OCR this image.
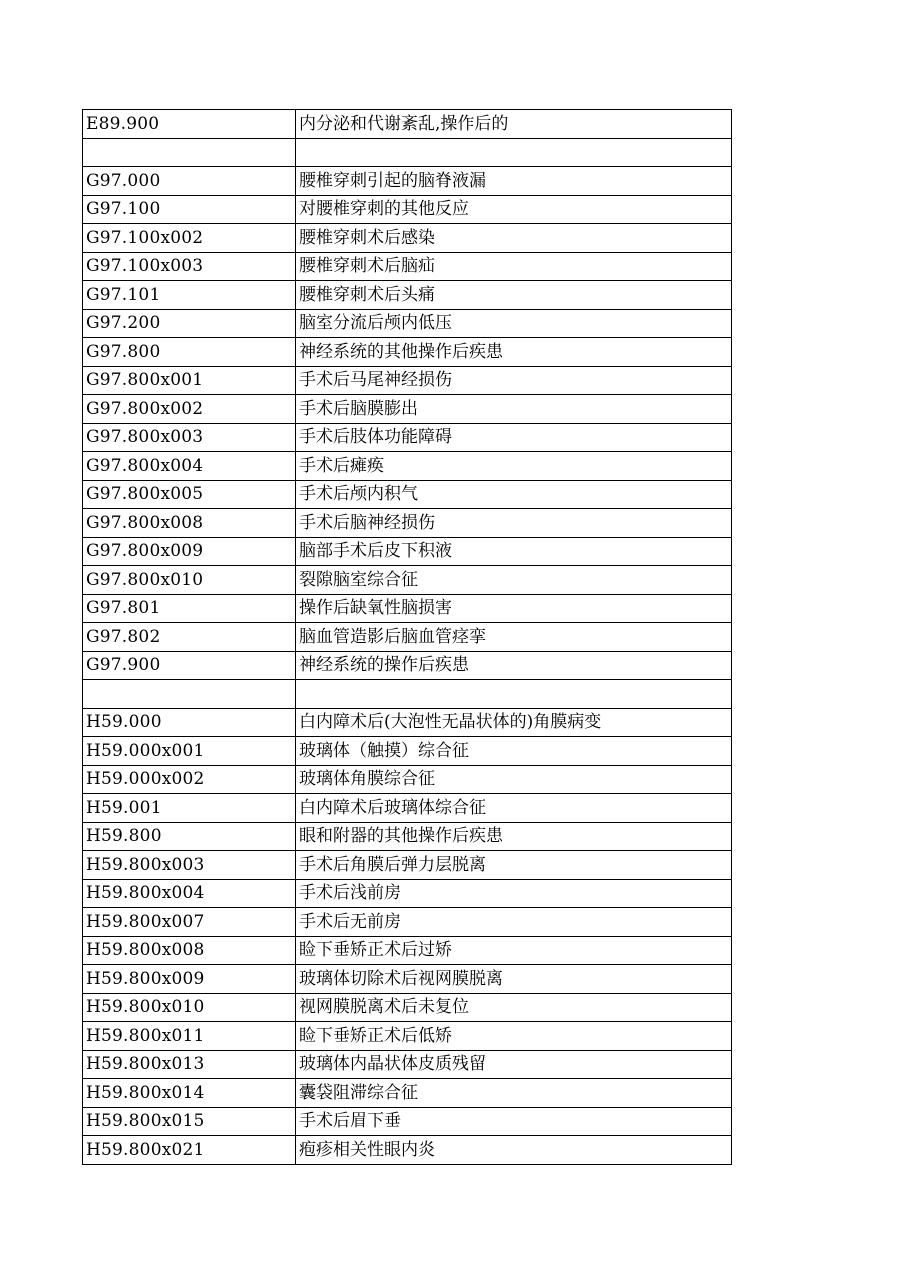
E89.900	内分泌和代谢紊乱,操作后的

G97.000	腰椎穿刺引起的脑脊液漏
G97.100	对腰椎穿刺的其他反应
G97.100x002	腰椎穿刺术后感染
G97.100x003	腰椎穿刺术后脑疝
G97.101	腰椎穿刺术后头痛
G97.200	脑室分流后颅内低压
G97.800	神经系统的其他操作后疾患
G97.800x001	手术后马尾神经损伤
G97.800x002	手术后脑膜膨出
G97.800x003	手术后肢体功能障碍
G97.800x004	手术后瘫痪
G97.800x005	手术后颅内积气
G97.800x008	手术后脑神经损伤
G97.800x009	脑部手术后皮下积液
G97.800x010	裂隙脑室综合征
G97.801	操作后缺氧性脑损害
G97.802	脑血管造影后脑血管痉挛
G97.900	神经系统的操作后疾患

H59.000	白内障术后(大泡性无晶状体的)角膜病变
H59.000x001	玻璃体（触摸）综合征
H59.000x002	玻璃体角膜综合征
H59.001	白内障术后玻璃体综合征
H59.800	眼和附器的其他操作后疾患
H59.800x003	手术后角膜后弹力层脱离
H59.800x004	手术后浅前房
H59.800x007	手术后无前房
H59.800x008	睑下垂矫正术后过矫
H59.800x009	玻璃体切除术后视网膜脱离
H59.800x010	视网膜脱离术后未复位
H59.800x011	睑下垂矫正术后低矫
H59.800x013	玻璃体内晶状体皮质残留
H59.800x014	囊袋阻滞综合征
H59.800x015	手术后眉下垂
H59.800x021	疱疹相关性眼内炎
